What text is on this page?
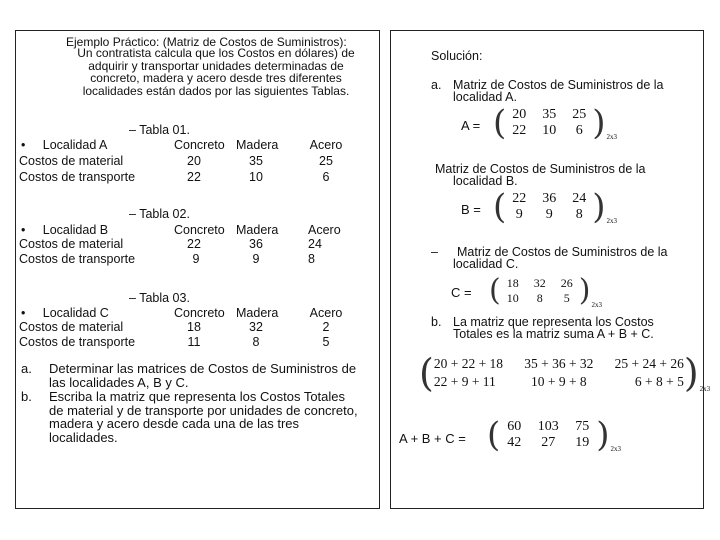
Ejemplo Práctico: (Matriz de Costos de Suministros):
Un contratista calcula que los Costos en dólares) de
adquirir y transportar unidades determinadas de
concreto, madera y acero desde tres diferentes
localidades están dados por las siguientes Tablas.
– Tabla 01.
•     Localidad A	Concreto Madera	Acero
Costos de material	20	35	25
Costos de transporte	22	10	6
– Tabla 02.
•     Localidad B	Concreto Madera Acero
Costos de material	22	36	24
Costos de transporte	9	9	8
– Tabla 03.
•     Localidad C	Concreto Madera	Acero
Costos de material	18	32	2
Costos de transporte	11	8	5
a. Determinar las matrices de Costos de Suministros de las localidades A, B y C.
b. Escriba la matriz que representa los Costos Totales de material y de transporte por unidades de concreto, madera y acero desde cada una de las tres localidades.
Solución:
a. Matriz de Costos de Suministros de la
localidad A.
A = ( 20	35	25
22	10	6 ) 2x3
Matriz de Costos de Suministros de la
localidad B.
B = ( 22	36	24
9	9	8 ) 2x3
– Matriz de Costos de Suministros de la
localidad C.
C = ( 18	32	26
10	8	5 ) 2x3
b. La matriz que representa los Costos
Totales es la matriz suma A + B + C.
( 20 + 22 + 18	35 + 36 + 32	25 + 24 + 26
22 + 9 + 11	10 + 9 + 8	6 + 8 + 5 ) 2x3
A + B + C = ( 60	103	75
42	27	19 ) 2x3
